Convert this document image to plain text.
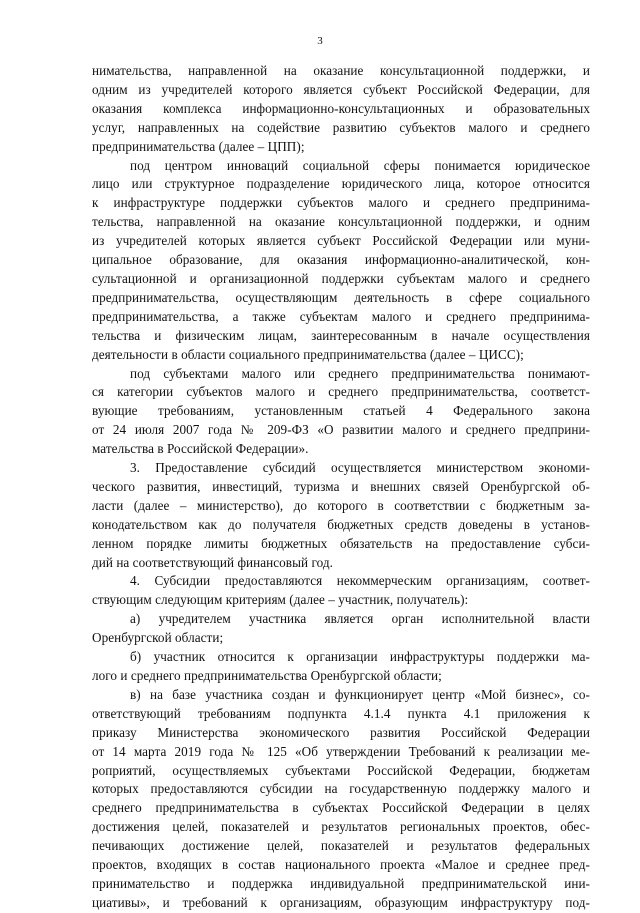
3
нимательства, направленной на оказание консультационной поддержки, и
одним из учредителей которого является субъект Российской Федерации, для
оказания комплекса информационно-консультационных и образовательных
услуг, направленных на содействие развитию субъектов малого и среднего
предпринимательства (далее – ЦПП);
под центром инноваций социальной сферы понимается юридическое
лицо или структурное подразделение юридического лица, которое относится
к инфраструктуре поддержки субъектов малого и среднего предпринима-
тельства, направленной на оказание консультационной поддержки, и одним
из учредителей которых является субъект Российской Федерации или муни-
ципальное образование, для оказания информационно-аналитической, кон-
сультационной и организационной поддержки субъектам малого и среднего
предпринимательства, осуществляющим деятельность в сфере социального
предпринимательства, а также субъектам малого и среднего предпринима-
тельства и физическим лицам, заинтересованным в начале осуществления
деятельности в области социального предпринимательства (далее – ЦИСС);
под субъектами малого или среднего предпринимательства понимают-
ся категории субъектов малого и среднего предпринимательства, соответст-
вующие требованиям, установленным статьей 4 Федерального закона
от 24 июля 2007 года № 209-ФЗ «О развитии малого и среднего предприни-
мательства в Российской Федерации».
3. Предоставление субсидий осуществляется министерством экономи-
ческого развития, инвестиций, туризма и внешних связей Оренбургской об-
ласти (далее – министерство), до которого в соответствии с бюджетным за-
конодательством как до получателя бюджетных средств доведены в установ-
ленном порядке лимиты бюджетных обязательств на предоставление субси-
дий на соответствующий финансовый год.
4. Субсидии предоставляются некоммерческим организациям, соответ-
ствующим следующим критериям (далее – участник, получатель):
а) учредителем участника является орган исполнительной власти
Оренбургской области;
б) участник относится к организации инфраструктуры поддержки ма-
лого и среднего предпринимательства Оренбургской области;
в) на базе участника создан и функционирует центр «Мой бизнес», со-
ответствующий требованиям подпункта 4.1.4 пункта 4.1 приложения к
приказу Министерства экономического развития Российской Федерации
от 14 марта 2019 года № 125 «Об утверждении Требований к реализации ме-
роприятий, осуществляемых субъектами Российской Федерации, бюджетам
которых предоставляются субсидии на государственную поддержку малого и
среднего предпринимательства в субъектах Российской Федерации в целях
достижения целей, показателей и результатов региональных проектов, обес-
печивающих достижение целей, показателей и результатов федеральных
проектов, входящих в состав национального проекта «Малое и среднее пред-
принимательство и поддержка индивидуальной предпринимательской ини-
циативы», и требований к организациям, образующим инфраструктуру под-
